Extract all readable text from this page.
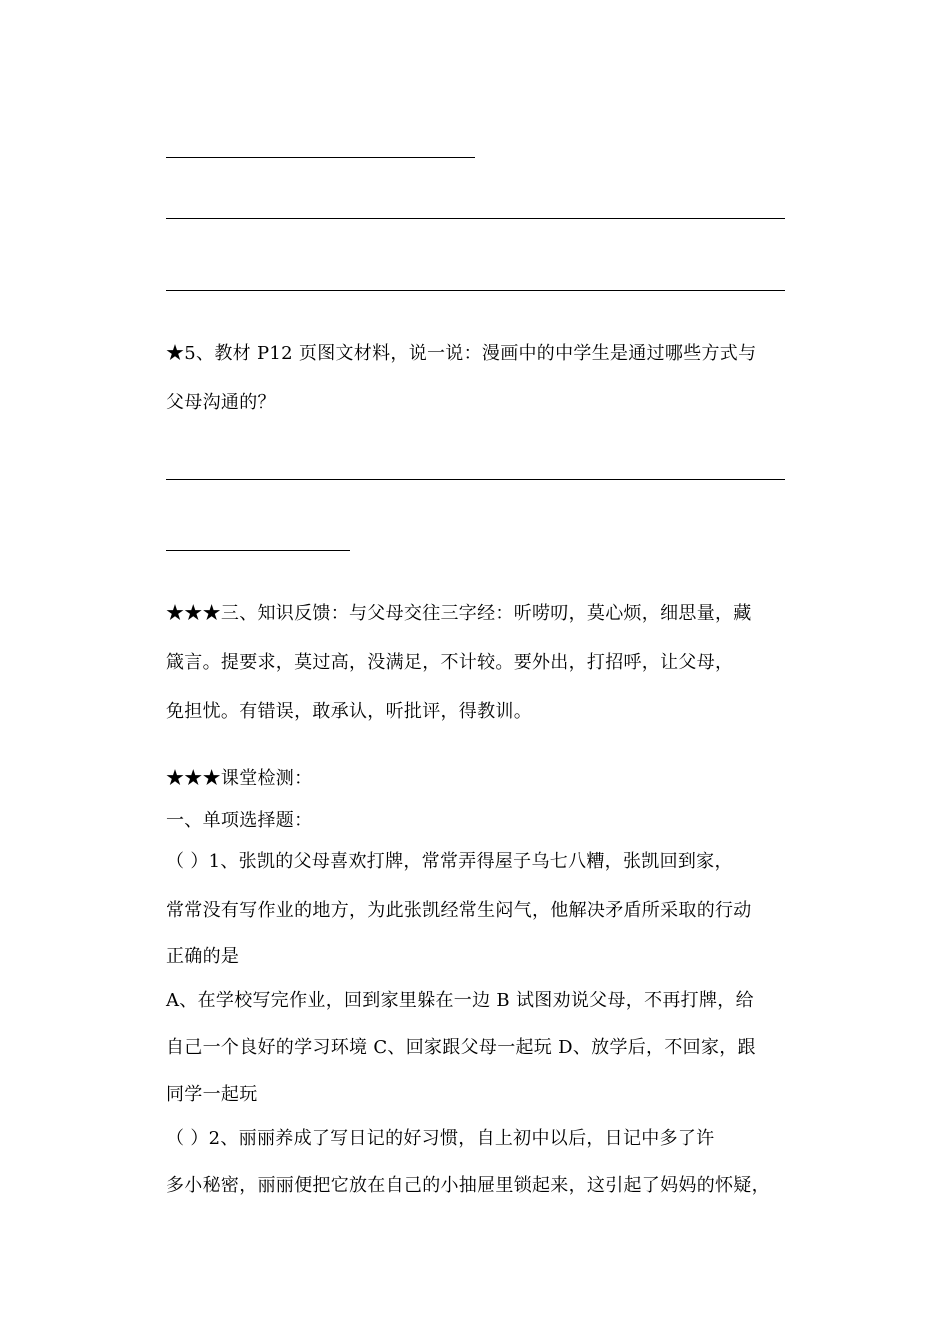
★5、教材 P12 页图文材料，说一说：漫画中的中学生是通过哪些方式与
父母沟通的？
★★★三、知识反馈：与父母交往三字经：听唠叨，莫心烦，细思量，藏
箴言。提要求，莫过高，没满足，不计较。要外出，打招呼，让父母，
免担忧。有错误，敢承认，听批评，得教训。
★★★课堂检测：
一、单项选择题：
（ ）1、张凯的父母喜欢打牌，常常弄得屋子乌七八糟，张凯回到家，
常常没有写作业的地方，为此张凯经常生闷气，他解决矛盾所采取的行动
正确的是
A、在学校写完作业，回到家里躲在一边 B 试图劝说父母，不再打牌，给
自己一个良好的学习环境 C、回家跟父母一起玩 D、放学后，不回家，跟
同学一起玩
（ ）2、丽丽养成了写日记的好习惯，自上初中以后，日记中多了许
多小秘密，丽丽便把它放在自己的小抽屉里锁起来，这引起了妈妈的怀疑，
